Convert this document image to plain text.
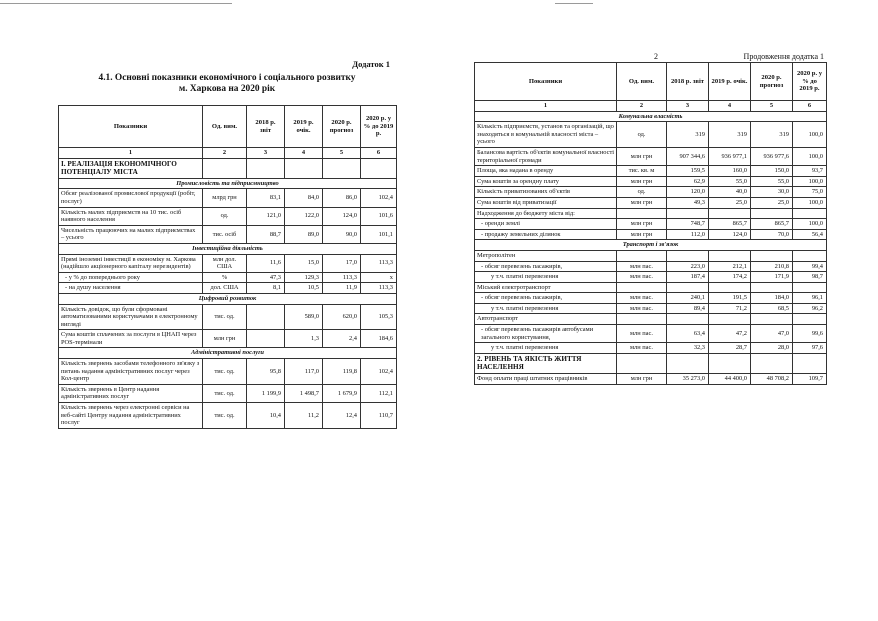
Додаток 1
4.1. Основні показники економічного і соціального розвитку
м. Харкова на 2020 рік
Показники	Од. вим.	2018 р. звіт	2019 р. очік.	2020 р. прогноз	2020 р. у % до 2019 р.
1	2	3	4	5	6
I. РЕАЛІЗАЦІЯ ЕКОНОМІЧНОГО ПОТЕНЦІАЛУ МІСТА					
Промисловість та підприємництво					
Обсяг реалізованої промислової продукції (робіт, послуг)	млрд грн	83,1	84,0	86,0	102,4
Кількість малих підприємств на 10 тис. осіб наявного населення	од.	121,0	122,0	124,0	101,6
Чисельність працюючих на малих підприємствах – усього	тис. осіб	88,7	89,0	90,0	101,1
Інвестиційна діяльність					
Прямі іноземні інвестиції в економіку м. Харкова (надійшло акціонерного капіталу нерезидентів)	млн дол. США	11,6	15,0	17,0	113,3
- у % до попереднього року	%	47,3	129,3	113,3	х
- на душу населення	дол. США	8,1	10,5	11,9	113,3
Цифровий розвиток					
Кількість довідок, що були сформовані автоматизованими користувачами в електронному вигляді	тис. од.		589,0	620,0	105,3
Сума коштів сплачених за послуги в ЦНАП через POS-термінали	млн грн		1,3	2,4	184,6
Адміністративні послуги					
Кількість звернень засобами телефонного зв'язку з питань надання адміністративних послуг через Кол-центр	тис. од.	95,8	117,0	119,8	102,4
Кількість звернень в Центр надання адміністративних послуг	тис. од.	1 199,9	1 498,7	1 679,9	112,1
Кількість звернень через електронні сервіси на веб-сайті Центру надання адміністративних послуг	тис. од.	10,4	11,2	12,4	110,7
2	Продовження додатка 1
Показники	Од. вим.	2018 р. звіт	2019 р. очік.	2020 р. прогноз	2020 р. у % до 2019 р.
1	2	3	4	5	6
Комунальна власність					
Кількість підприємств, установ та організацій, що знаходяться в комунальній власності міста – усього	од.	319	319	319	100,0
Балансова вартість об'єктів комунальної власності територіальної громади	млн грн	907 344,6	936 977,1	936 977,6	100,0
Площа, яка надана в оренду	тис. кв. м	159,5	160,0	150,0	93,7
Сума коштів за орендну плату	млн грн	62,9	55,0	55,0	100,0
Кількість приватизованих об'єктів	од.	120,0	40,0	30,0	75,0
Сума коштів від приватизації	млн грн	49,3	25,0	25,0	100,0
Надходження до бюджету міста від:					
- оренди землі	млн грн	748,7	865,7	865,7	100,0
- продажу земельних ділянок	млн грн	112,0	124,0	70,0	56,4
Транспорт і зв'язок					
Метрополітен					
- обсяг перевезень пасажирів,	млн пас.	223,0	212,1	210,8	99,4
у т.ч. платні перевезення	млн пас.	187,4	174,2	171,9	98,7
Міський електротранспорт					
- обсяг перевезень пасажирів,	млн пас.	240,1	191,5	184,0	96,1
у т.ч. платні перевезення	млн пас.	89,4	71,2	68,5	96,2
Автотранспорт					
- обсяг перевезень пасажирів автобусами загального користування,	млн пас.	63,4	47,2	47,0	99,6
у т.ч. платні перевезення	млн пас.	32,3	28,7	28,0	97,6
2. РІВЕНЬ ТА ЯКІСТЬ ЖИТТЯ НАСЕЛЕННЯ					
Фонд оплати праці штатних працівників	млн грн	35 273,0	44 400,0	48 708,2	109,7
